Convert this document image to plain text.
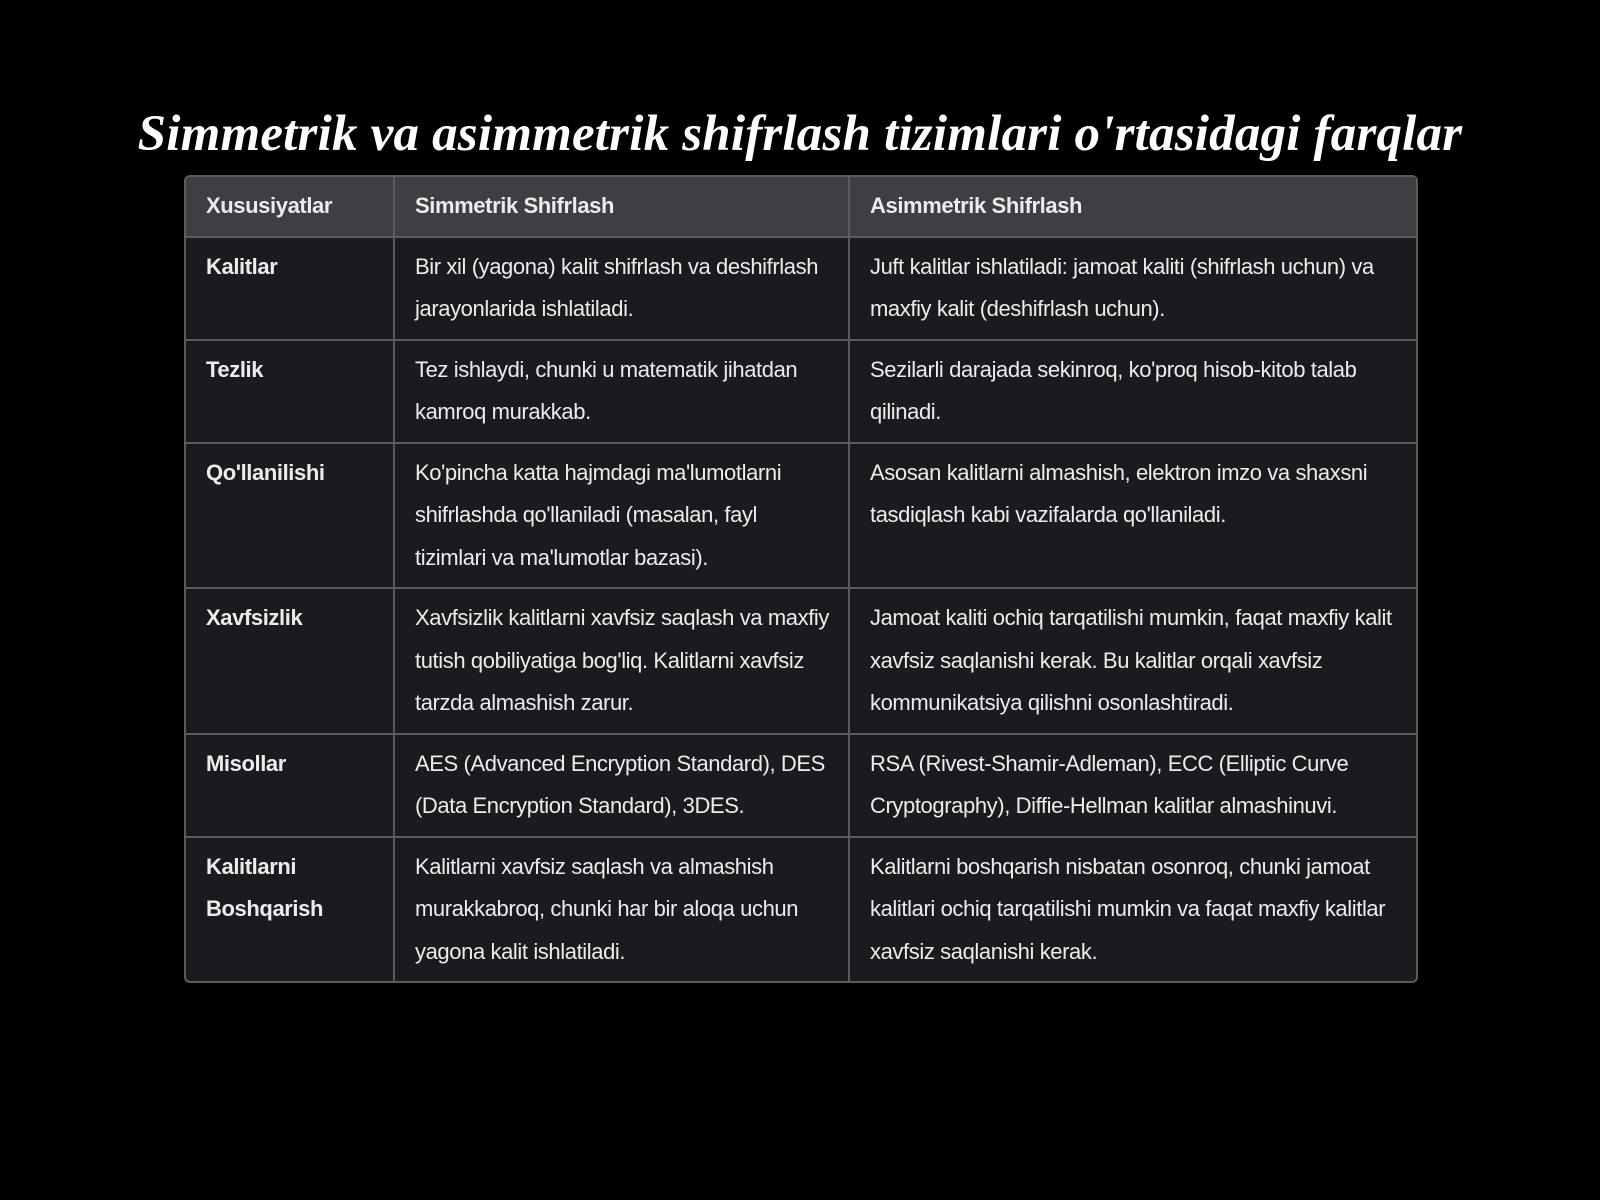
Simmetrik va asimmetrik shifrlash tizimlari o'rtasidagi farqlar
Xususiyatlar	Simmetrik Shifrlash	Asimmetrik Shifrlash
Kalitlar	Bir xil (yagona) kalit shifrlash va deshifrlash jarayonlarida ishlatiladi.	Juft kalitlar ishlatiladi: jamoat kaliti (shifrlash uchun) va maxfiy kalit (deshifrlash uchun).
Tezlik	Tez ishlaydi, chunki u matematik jihatdan kamroq murakkab.	Sezilarli darajada sekinroq, ko'proq hisob-kitob talab qilinadi.
Qo'llanilishi	Ko'pincha katta hajmdagi ma'lumotlarni shifrlashda qo'llaniladi (masalan, fayl tizimlari va ma'lumotlar bazasi).	Asosan kalitlarni almashish, elektron imzo va shaxsni tasdiqlash kabi vazifalarda qo'llaniladi.
Xavfsizlik	Xavfsizlik kalitlarni xavfsiz saqlash va maxfiy tutish qobiliyatiga bog'liq. Kalitlarni xavfsiz tarzda almashish zarur.	Jamoat kaliti ochiq tarqatilishi mumkin, faqat maxfiy kalit xavfsiz saqlanishi kerak. Bu kalitlar orqali xavfsiz kommunikatsiya qilishni osonlashtiradi.
Misollar	AES (Advanced Encryption Standard), DES (Data Encryption Standard), 3DES.	RSA (Rivest-Shamir-Adleman), ECC (Elliptic Curve Cryptography), Diffie-Hellman kalitlar almashinuvi.
Kalitlarni Boshqarish	Kalitlarni xavfsiz saqlash va almashish murakkabroq, chunki har bir aloqa uchun yagona kalit ishlatiladi.	Kalitlarni boshqarish nisbatan osonroq, chunki jamoat kalitlari ochiq tarqatilishi mumkin va faqat maxfiy kalitlar xavfsiz saqlanishi kerak.
